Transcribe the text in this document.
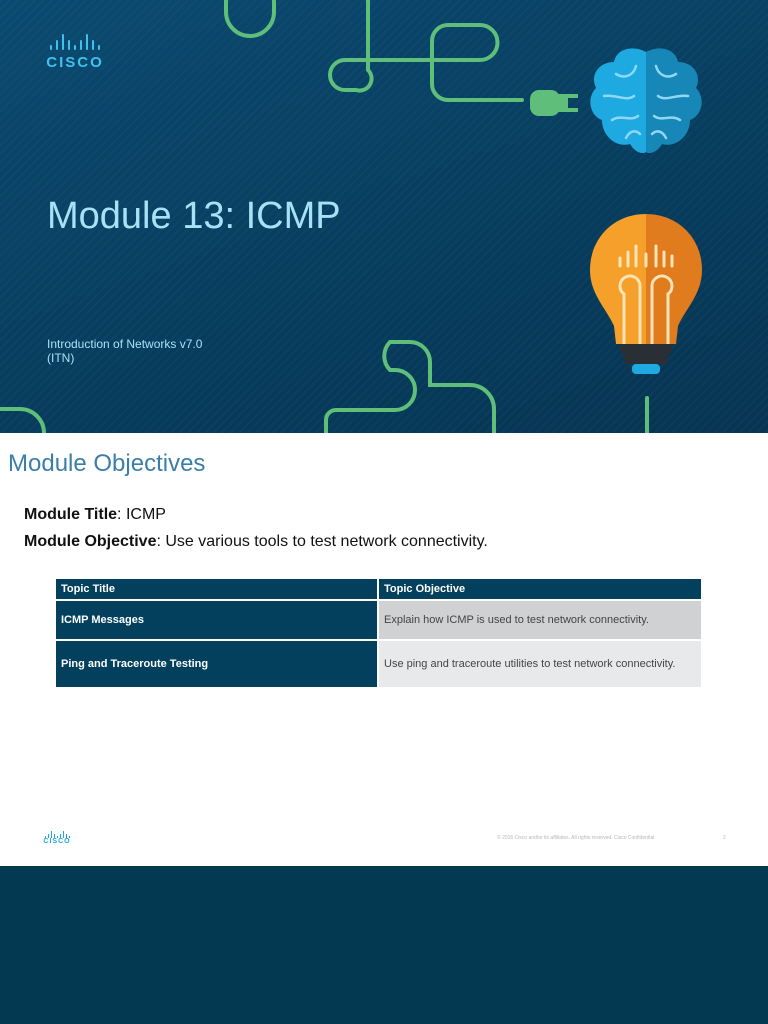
CISCO
Module 13: ICMP
Introduction of Networks v7.0
(ITN)
Module Objectives
Module Title: ICMP
Module Objective: Use various tools to test network connectivity.
Topic Title	Topic Objective
ICMP Messages	Explain how ICMP is used to test network connectivity.
Ping and Traceroute Testing	Use ping and traceroute utilities to test network connectivity.
CISCO	© 2016 Cisco and/or its affiliates. All rights reserved. Cisco Confidential	2
